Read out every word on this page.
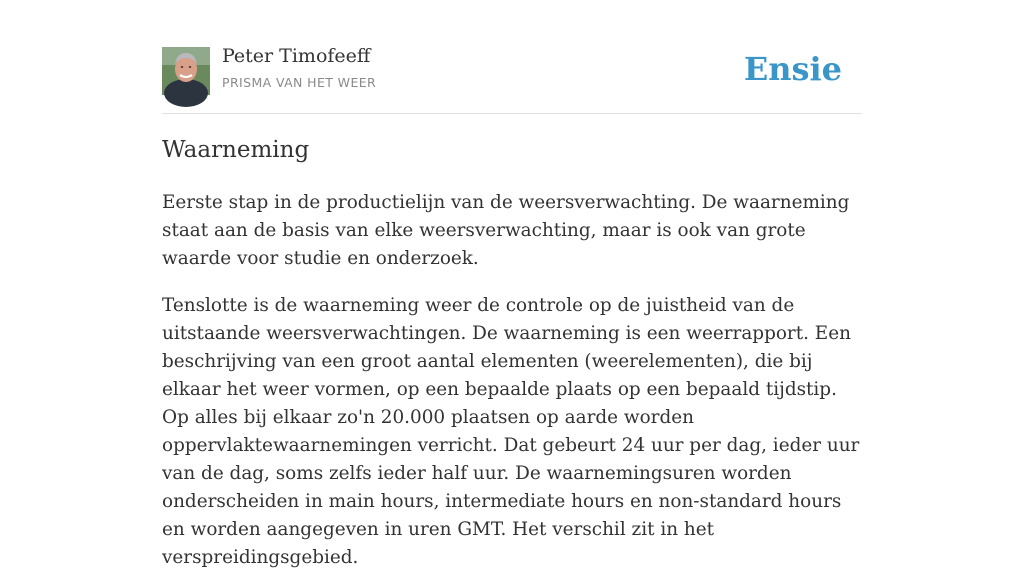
Peter Timofeeff
PRISMA VAN HET WEER	Ensie
Waarneming

Eerste stap in de productielijn van de weersverwachting. De waarneming staat aan de basis van elke weersverwachting, maar is ook van grote waarde voor studie en onderzoek.

Tenslotte is de waarneming weer de controle op de juistheid van de uitstaande weersverwachtingen. De waarneming is een weerrapport. Een beschrijving van een groot aantal elementen (weerelementen), die bij elkaar het weer vormen, op een bepaalde plaats op een bepaald tijdstip. Op alles bij elkaar zo'n 20.000 plaatsen op aarde worden oppervlaktewaarnemingen verricht. Dat gebeurt 24 uur per dag, ieder uur van de dag, soms zelfs ieder half uur. De waarnemingsuren worden onderscheiden in main hours, intermediate hours en non-standard hours en worden aangegeven in uren GMT. Het verschil zit in het verspreidingsgebied.
